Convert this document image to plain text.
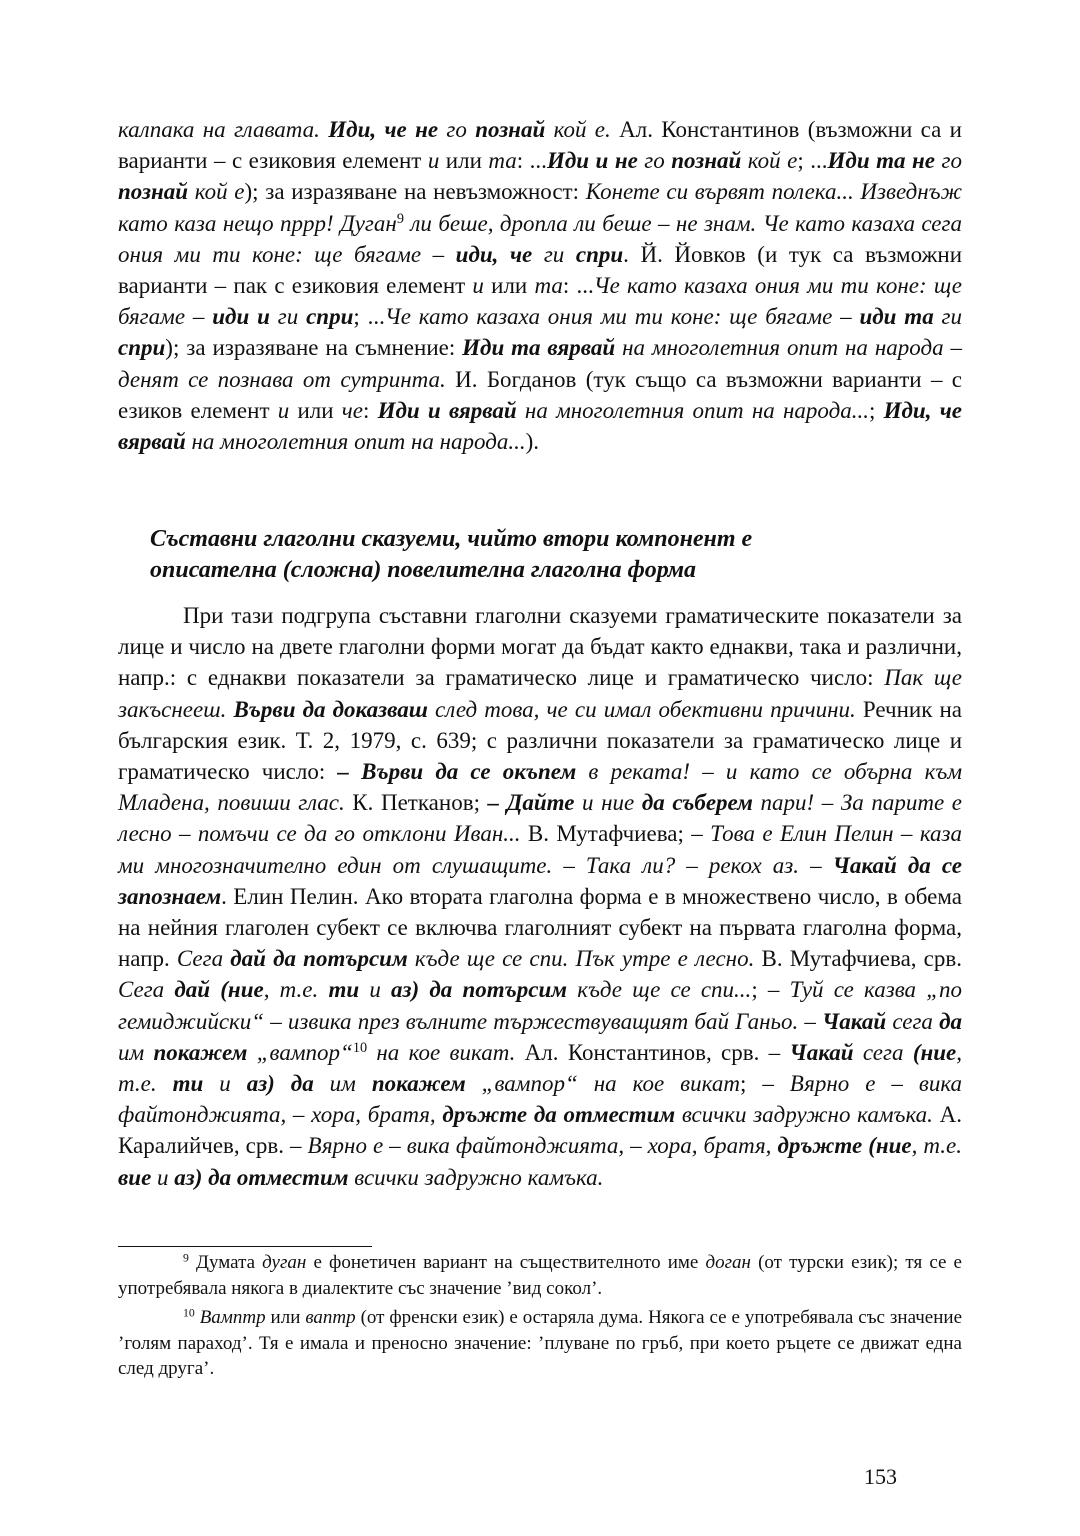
калпака на главата. Иди, че не го познай кой е. Ал. Константинов (възможни са и варианти – с езиковия елемент и или та: ...Иди и не го познай кой е; ...Иди та не го познай кой е); за изразяване на невъзможност: Конете си вървят полека... Изведнъж като каза нещо пррр! Дуган$^9$ ли беше, дропла ли беше – не знам. Че като казаха сега ония ми ти коне: ще бягаме – иди, че ги спри. Й. Йовков (и тук са възможни варианти – пак с езиковия елемент и или та: ...Че като казаха ония ми ти коне: ще бягаме – иди и ги спри; ...Че като казаха ония ми ти коне: ще бягаме – иди та ги спри); за изразяване на съмнение: Иди та вярвай на многолетния опит на народа – денят се познава от сутринта. И. Богданов (тук също са възможни варианти – с езиков елемент и или че: Иди и вярвай на многолетния опит на народа...; Иди, че вярвай на многолетния опит на народа...).

Съставни глаголни сказуеми, чийто втори компонент е
описателна (сложна) повелителна глаголна форма

При тази подгрупа съставни глаголни сказуеми граматическите показатели за лице и число на двете глаголни форми могат да бъдат както еднакви, така и различни, напр.: с еднакви показатели за граматическо лице и граматическо число: Пак ще закъснееш. Върви да доказваш след това, че си имал обективни причини. Речник на българския език. Т. 2, 1979, с. 639; с различни показатели за граматическо лице и граматическо число: – Върви да се окъпем в реката! – и като се обърна към Младена, повиши глас. К. Петканов; – Дайте и ние да съберем пари! – За парите е лесно – помъчи се да го отклони Иван... В. Мутафчиева; – Това е Елин Пелин – каза ми многозначително един от слушащите. – Така ли? – рекох аз. – Чакай да се запознаем. Елин Пелин. Ако втората глаголна форма е в множествено число, в обема на нейния глаголен субект се включва глаголният субект на първата глаголна форма, напр. Сега дай да потърсим къде ще се спи. Пък утре е лесно. В. Мутафчиева, срв. Сега дай (ние, т.е. ти и аз) да потърсим къде ще се спи...; – Туй се казва „по гемиджийски“ – извика през вълните тържествуващият бай Ганьо. – Чакай сега да им покажем „вампор“$^{10}$ на кое викат. Ал. Константинов, срв. – Чакай сега (ние, т.е. ти и аз) да им покажем „вампор“ на кое викат; – Вярно е – вика файтонджията, – хора, братя, дръжте да отместим всички задружно камъка. А. Каралийчев, срв. – Вярно е – вика файтонджията, – хора, братя, дръжте (ние, т.е. вие и аз) да отместим всички задружно камъка.

$^9$ Думата дуган е фонетичен вариант на съществителното име доган (от турски език); тя се е употребявала някога в диалектите със значение ’вид сокол’.

$^{10}$ Вамптр или ваптр (от френски език) е остаряла дума. Някога се е употребявала със значение ’голям параход’. Тя е имала и преносно значение: ’плуване по гръб, при което ръцете се движат една след друга’.

153
